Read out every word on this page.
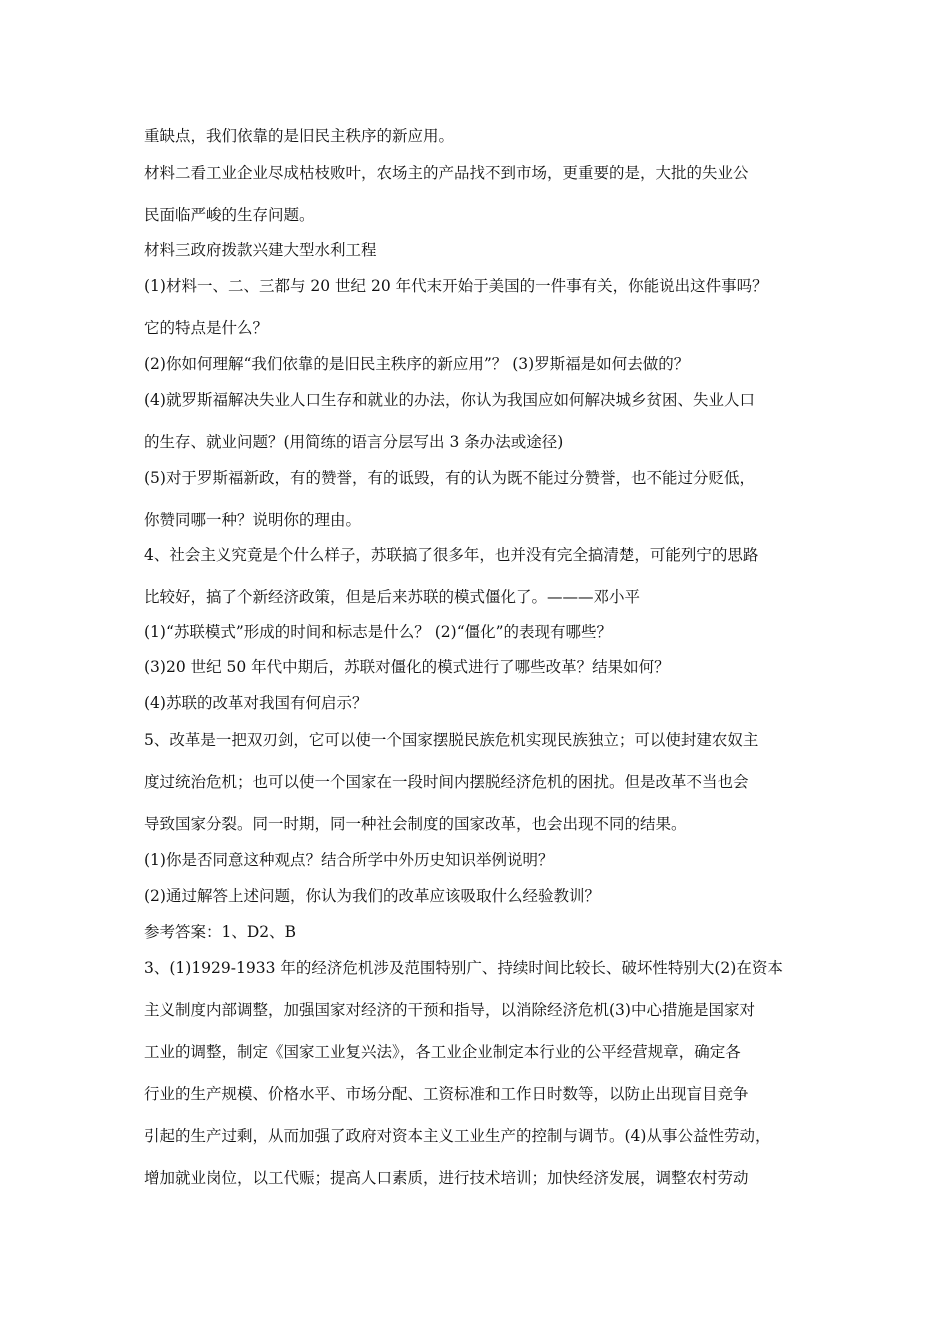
重缺点，我们依靠的是旧民主秩序的新应用。
材料二看工业企业尽成枯枝败叶，农场主的产品找不到市场，更重要的是，大批的失业公
民面临严峻的生存问题。
材料三政府拨款兴建大型水利工程
(1)材料一、二、三都与 20 世纪 20 年代末开始于美国的一件事有关，你能说出这件事吗？
它的特点是什么？
(2)你如何理解“我们依靠的是旧民主秩序的新应用”？ (3)罗斯福是如何去做的？
(4)就罗斯福解决失业人口生存和就业的办法，你认为我国应如何解决城乡贫困、失业人口
的生存、就业问题？(用简练的语言分层写出 3 条办法或途径)
(5)对于罗斯福新政，有的赞誉，有的诋毁，有的认为既不能过分赞誉，也不能过分贬低，
你赞同哪一种？说明你的理由。
4、社会主义究竟是个什么样子，苏联搞了很多年，也并没有完全搞清楚，可能列宁的思路
比较好，搞了个新经济政策，但是后来苏联的模式僵化了。———邓小平
(1)“苏联模式”形成的时间和标志是什么？ (2)“僵化”的表现有哪些？
(3)20 世纪 50 年代中期后，苏联对僵化的模式进行了哪些改革？结果如何？
(4)苏联的改革对我国有何启示？
5、改革是一把双刃剑，它可以使一个国家摆脱民族危机实现民族独立；可以使封建农奴主
度过统治危机；也可以使一个国家在一段时间内摆脱经济危机的困扰。但是改革不当也会
导致国家分裂。同一时期，同一种社会制度的国家改革，也会出现不同的结果。
(1)你是否同意这种观点？结合所学中外历史知识举例说明？
(2)通过解答上述问题，你认为我们的改革应该吸取什么经验教训？
参考答案：1、D2、B
3、(1)1929-1933 年的经济危机涉及范围特别广、持续时间比较长、破坏性特别大(2)在资本
主义制度内部调整，加强国家对经济的干预和指导，以消除经济危机(3)中心措施是国家对
工业的调整，制定《国家工业复兴法》，各工业企业制定本行业的公平经营规章，确定各
行业的生产规模、价格水平、市场分配、工资标准和工作日时数等，以防止出现盲目竞争
引起的生产过剩，从而加强了政府对资本主义工业生产的控制与调节。(4)从事公益性劳动，
增加就业岗位，以工代赈；提高人口素质，进行技术培训；加快经济发展，调整农村劳动
